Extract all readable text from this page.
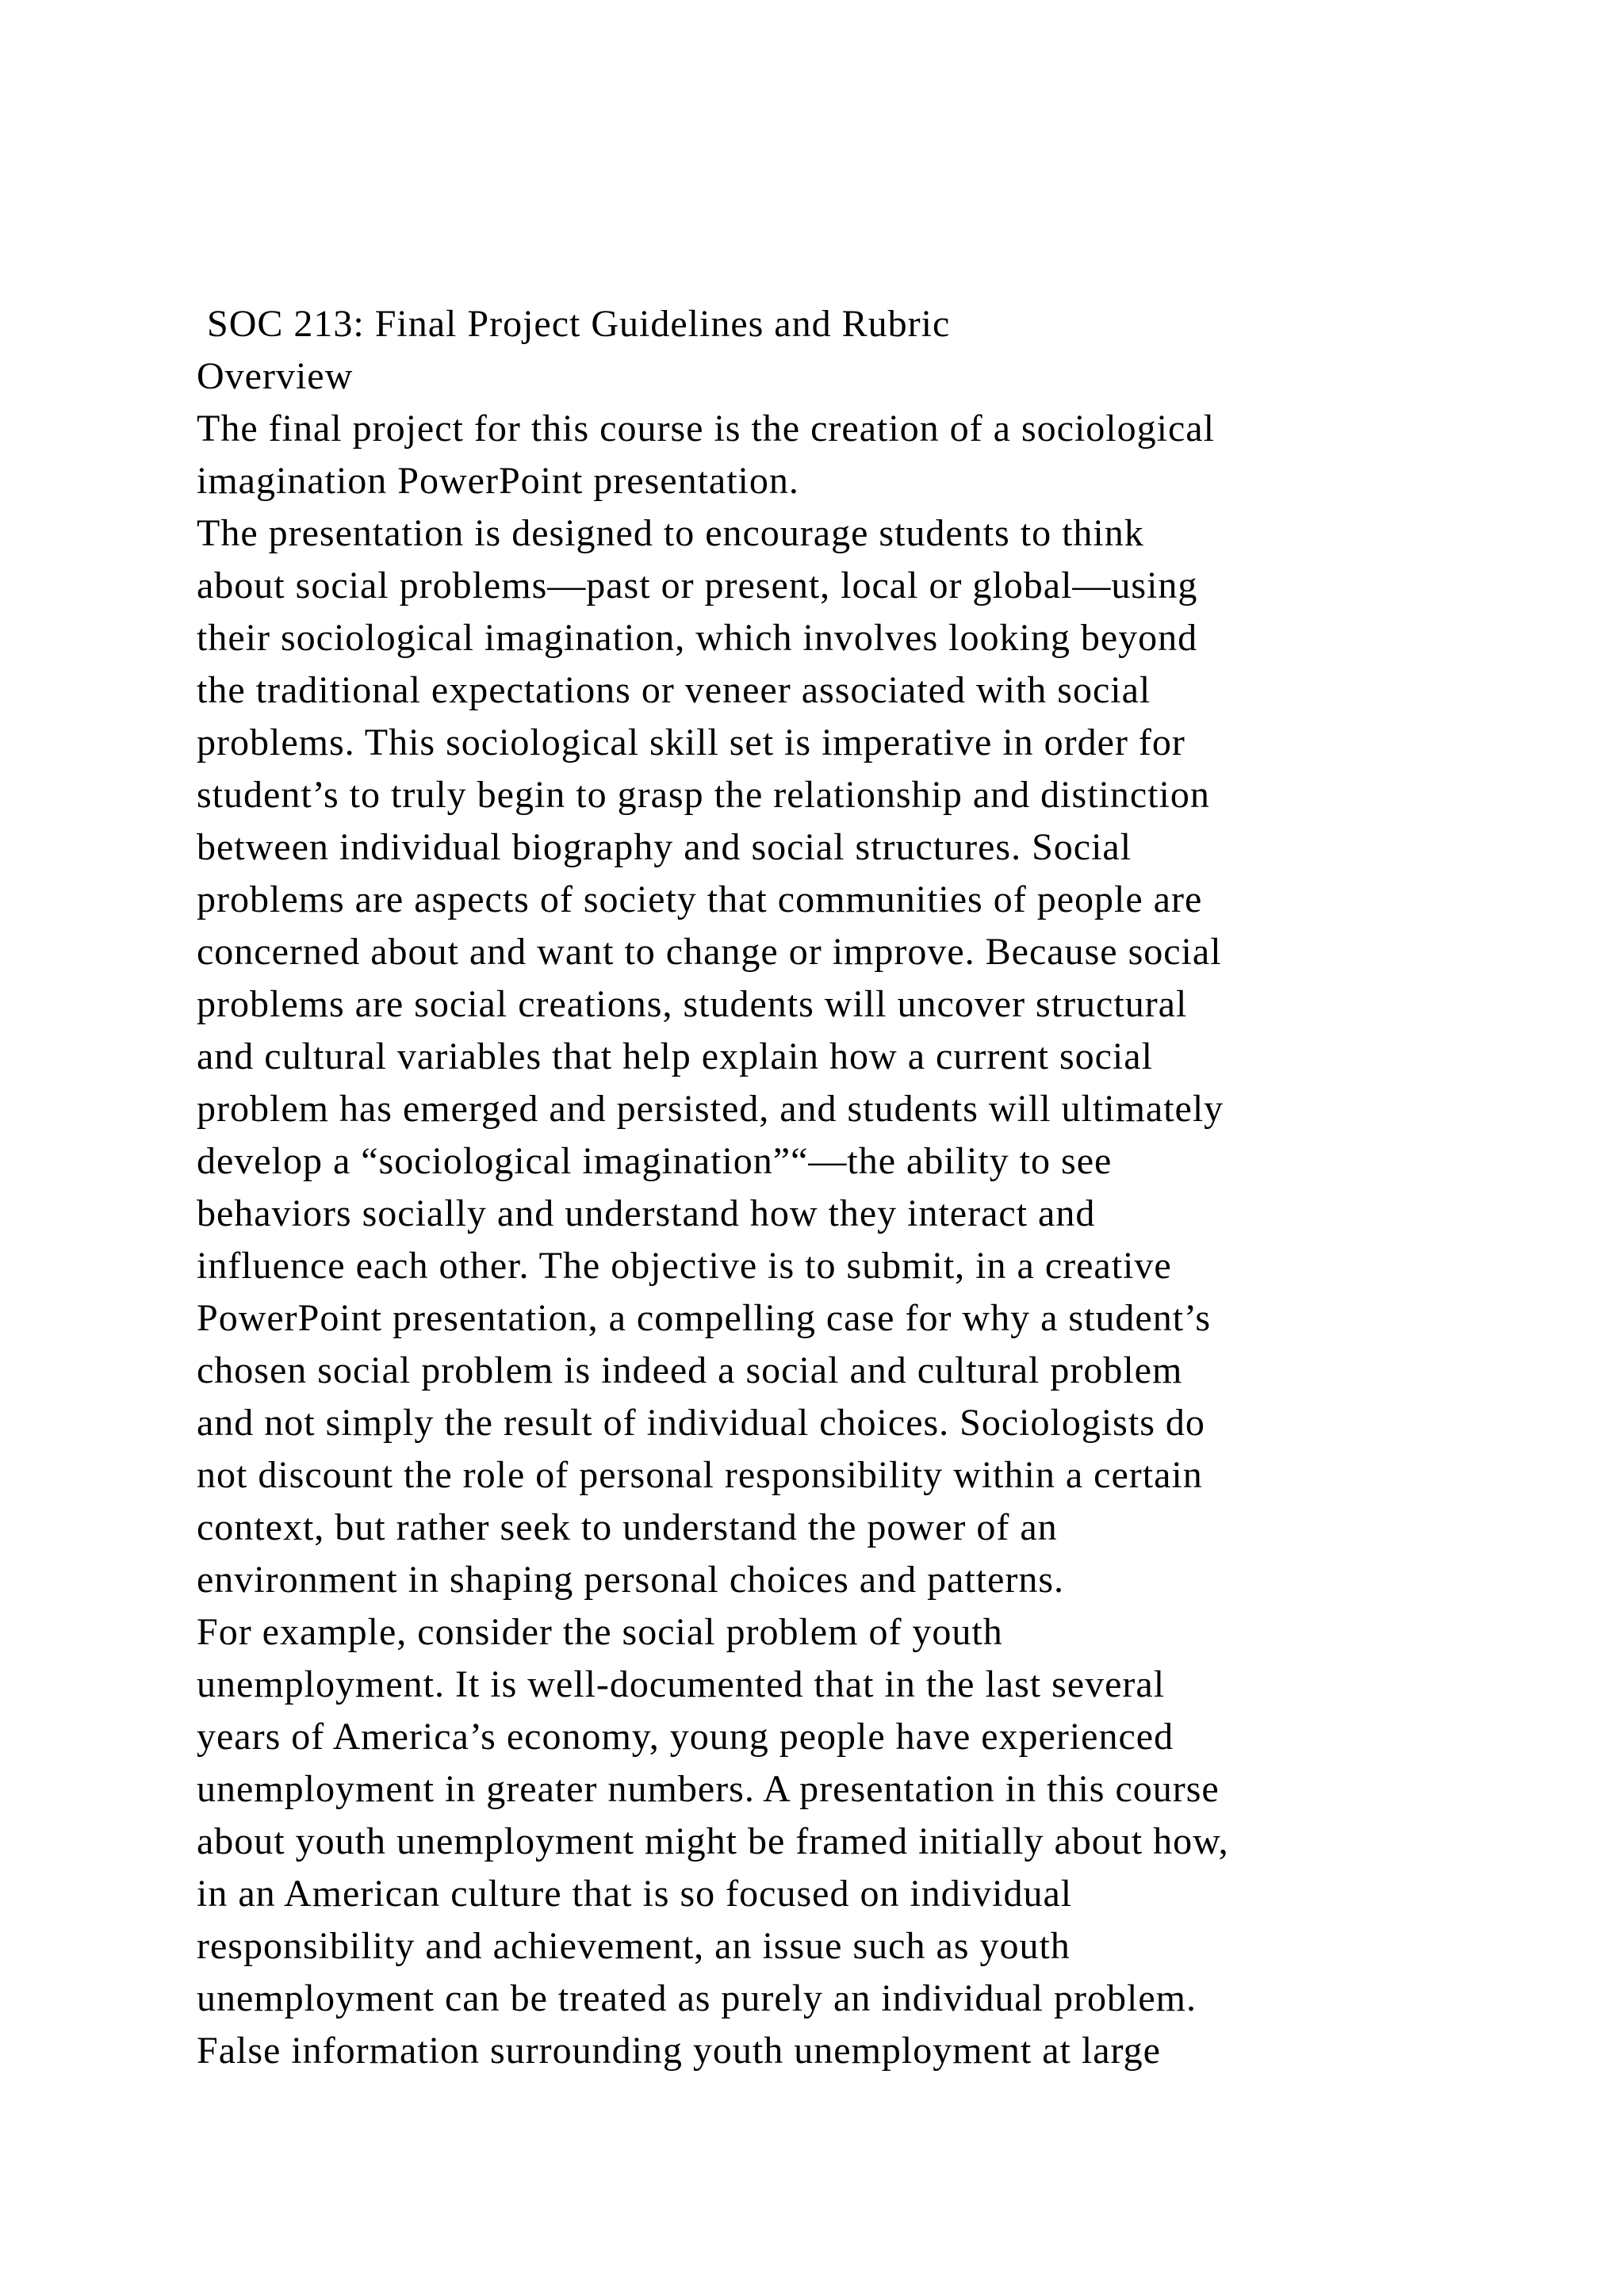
SOC 213: Final Project Guidelines and Rubric
Overview
The final project for this course is the creation of a sociological
imagination PowerPoint presentation.
The presentation is designed to encourage students to think
about social problems—past or present, local or global—using
their sociological imagination, which involves looking beyond
the traditional expectations or veneer associated with social
problems. This sociological skill set is imperative in order for
student’s to truly begin to grasp the relationship and distinction
between individual biography and social structures. Social
problems are aspects of society that communities of people are
concerned about and want to change or improve. Because social
problems are social creations, students will uncover structural
and cultural variables that help explain how a current social
problem has emerged and persisted, and students will ultimately
develop a “sociological imagination”“—the ability to see
behaviors socially and understand how they interact and
influence each other. The objective is to submit, in a creative
PowerPoint presentation, a compelling case for why a student’s
chosen social problem is indeed a social and cultural problem
and not simply the result of individual choices. Sociologists do
not discount the role of personal responsibility within a certain
context, but rather seek to understand the power of an
environment in shaping personal choices and patterns.
For example, consider the social problem of youth
unemployment. It is well-documented that in the last several
years of America’s economy, young people have experienced
unemployment in greater numbers. A presentation in this course
about youth unemployment might be framed initially about how,
in an American culture that is so focused on individual
responsibility and achievement, an issue such as youth
unemployment can be treated as purely an individual problem.
False information surrounding youth unemployment at large
